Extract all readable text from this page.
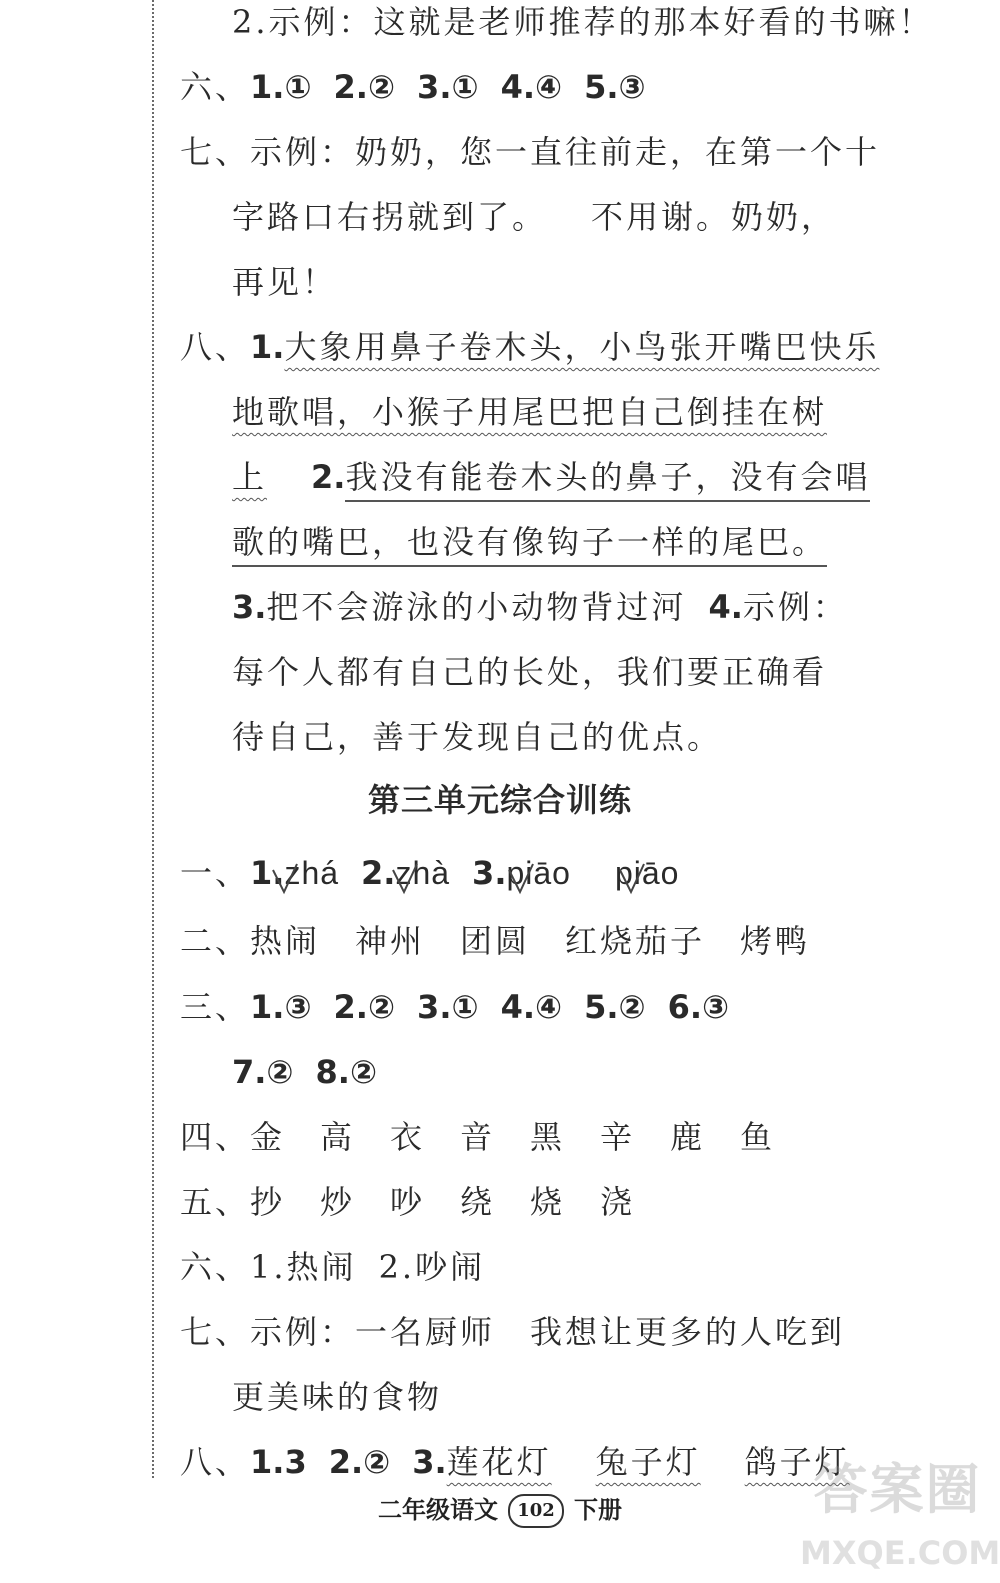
2.示例：这就是老师推荐的那本好看的书嘛！
六、1.① 2.② 3.① 4.④ 5.③
七、示例：奶奶，您一直往前走，在第一个十
字路口右拐就到了。 不用谢。奶奶，
再见！
八、1.大象用鼻子卷木头，小鸟张开嘴巴快乐
地歌唱，小猴子用尾巴把自己倒挂在树
上 2.我没有能卷木头的鼻子，没有会唱
歌的嘴巴，也没有像钩子一样的尾巴。
3.把不会游泳的小动物背过河 4.示例：
每个人都有自己的长处，我们要正确看
待自己，善于发现自己的优点。
第三单元综合训练
一、1.zhá 2.zhà 3.piāo piāo
二、热闹　神州　团圆　红烧茄子　烤鸭
三、1.③ 2.② 3.① 4.④ 5.② 6.③
7.② 8.②
四、金　高　衣　音　黑　辛　鹿　鱼
五、抄　炒　吵　绕　烧　浇
六、1.热闹 2.吵闹
七、示例：一名厨师　我想让更多的人吃到
更美味的食物
八、1.3 2.② 3.莲花灯 兔子灯 鸽子灯
二年级语文 102 下册	答案圈
MXQE.COM
